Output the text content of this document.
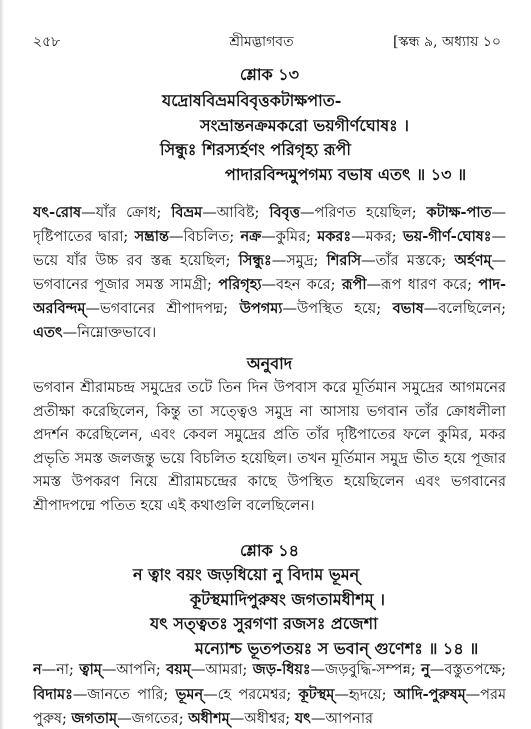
২৫৮	শ্রীমদ্ভাগবত	[স্কন্ধ ৯, অধ্যায় ১০
শ্লোক ১৩
যদ্রোষবিভ্রমবিবৃত্তকটাক্ষপাত-
সংভ্রান্তনক্রমকরো ভয়গীর্ণঘোষঃ ।
সিন্ধুঃ শিরস্যর্হণং পরিগৃহ্য রূপী
পাদারবিন্দমুপগম্য বভাষ এতৎ ॥ ১৩ ॥
যৎ-রোষ—যাঁর ক্রোধ; বিভ্রম—আবিষ্ট; বিবৃত্ত—পরিণত হয়েছিল; কটাক্ষ-পাত—দৃষ্টিপাতের দ্বারা; সম্ভ্রান্ত—বিচলিত; নক্র—কুমির; মকরঃ—মকর; ভয়-গীর্ণ-ঘোষঃ—ভয়ে যাঁর উচ্চ রব স্তব্ধ হয়েছিল; সিন্ধুঃ—সমুদ্র; শিরসি—তাঁর মস্তকে; অর্হণম্—ভগবানের পূজার সমস্ত সামগ্রী; পরিগৃহ্য—বহন করে; রূপী—রূপ ধারণ করে; পাদ-অরবিন্দম্—ভগবানের শ্রীপাদপদ্ম; উপগম্য—উপস্থিত হয়ে; বভাষ—বলেছিলেন; এতৎ—নিম্নোক্তভাবে।
অনুবাদ
ভগবান শ্রীরামচন্দ্র সমুদ্রের তটে তিন দিন উপবাস করে মূর্তিমান সমুদ্রের আগমনের প্রতীক্ষা করেছিলেন, কিন্তু তা সত্ত্বেও সমুদ্র না আসায় ভগবান তাঁর ক্রোধলীলা প্রদর্শন করেছিলেন, এবং কেবল সমুদ্রের প্রতি তাঁর দৃষ্টিপাতের ফলে কুমির, মকর প্রভৃতি সমস্ত জলজন্তু ভয়ে বিচলিত হয়েছিল। তখন মূর্তিমান সমুদ্র ভীত হয়ে পূজার সমস্ত উপকরণ নিয়ে শ্রীরামচন্দ্রের কাছে উপস্থিত হয়েছিলেন এবং ভগবানের শ্রীপাদপদ্মে পতিত হয়ে এই কথাগুলি বলেছিলেন।
শ্লোক ১৪
ন ত্বাং বয়ং জড়ধিয়ো নু বিদাম ভূমন্
কূটস্থমাদিপুরুষং জগতামধীশম্ ।
যৎ সত্ত্বতঃ সুরগণা রজসঃ প্রজেশা
মন্যোশ্চ ভূতপতয়ঃ স ভবান্ গুণেশঃ ॥ ১৪ ॥
ন—না; ত্বাম্—আপনি; বয়ম্—আমরা; জড়-ধিয়ঃ—জড়বুদ্ধি-সম্পন্ন; নু—বস্তুতপক্ষে; বিদামঃ—জানতে পারি; ভূমন্—হে পরমেশ্বর; কূটস্থম্—হৃদয়ে; আদি-পুরুষম্—পরম পুরুষ; জগতাম্—জগতের; অধীশম্—অধীশ্বর; যৎ—আপনার
